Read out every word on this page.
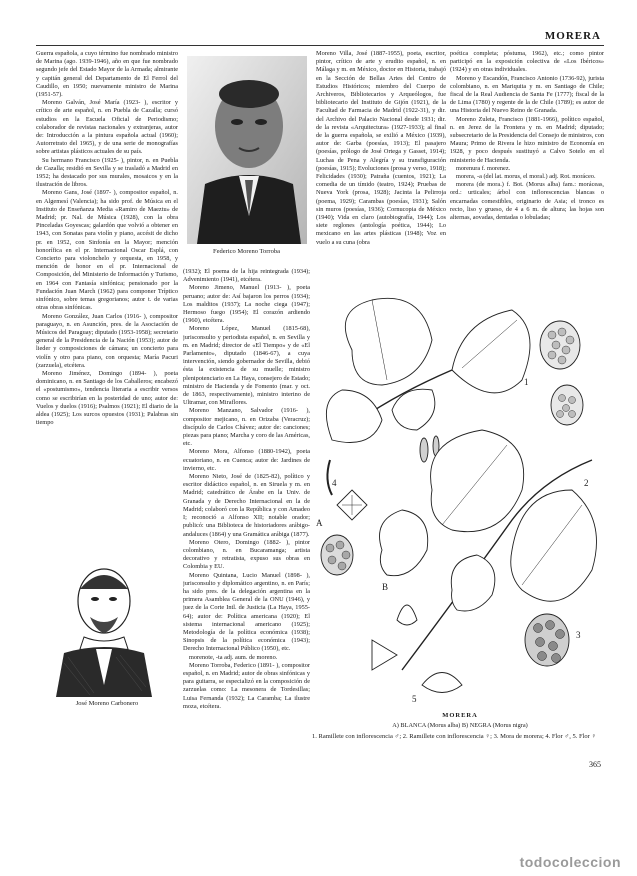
MORERA

Guerra española, a cuyo término fue nombrado ministro de Marina (ago. 1939-1946), año en que fue nombrado segundo jefe del Estado Mayor de la Armada; almirante y capitán general del Departamento de El Ferrol del Caudillo, en 1950; nuevamente ministro de Marina (1951-57).

Moreno Galván, José María (1923- ), escritor y crítico de arte español, n. en Puebla de Cazalla; cursó estudios en la Escuela Oficial de Periodismo; colaborador de revistas nacionales y extranjeras, autor de: Introducción a la pintura española actual (1960); Autorretrato del 1965), y de una serie de monografías sobre artistas plásticos actuales de su país.

Su hermano Francisco (1925- ), pintor, n. en Puebla de Cazalla; residió en Sevilla y se trasladó a Madrid en 1952; ha destacado por sus murales, mosaicos y en la ilustración de libros.

Moreno Gans, José (1897- ), compositor español, n. en Algemesí (Valencia); ha sido prof. de Música en el Instituto de Enseñanza Media «Ramiro de Maeztu» de Madrid; pr. Nal. de Música (1928), con la obra Pinceladas Goyescas; galardón que volvió a obtener en 1943, con Sonatas para violín y piano, accésit de dicho pr. en 1952, con Sinfonía en la Mayor; mención honorífica en el pr. Internacional Oscar Esplá, con Concierto para violonchelo y orquesta, en 1958, y mención de honor en el pr. Internacional de Composición, del Ministerio de Información y Turismo, en 1964 con Fantasía sinfónica; pensionado por la Fundación Juan March (1962) para componer Tríptico sinfónico, sobre temas gregorianos; autor t. de varias otras obras sinfónicas.

Moreno González, Juan Carlos (1916- ), compositor paraguayo, n. en Asunción, pres. de la Asociación de Músicos del Paraguay; diputado (1953-1958); secretario general de la Presidencia de la Nación (1953); autor de lieder y composiciones de cámara; un concierto para violín y otro para piano, con orquesta; María Pacuri (zarzuela), etcétera.

Moreno Jiménez, Domingo (1894- ), poeta dominicano, n. en Santiago de los Caballeros; encabezó el «postumismo», tendencia literaria a escribir versos como se escribirían en la posteridad de uno; autor de: Vuelos y duelos (1916); Psalmos (1921); El diario de la aldea (1925); Los surcos opuestos (1931); Palabras sin tiempo

Federico Moreno Torroba

(1932); El poema de la hija reintegrada (1934); Advenimiento (1941), etcétera.

Moreno Jimeno, Manuel (1913- ), poeta peruano; autor de: Así bajaron los perros (1934); Los malditos (1937); La noche ciega (1947); Hermoso fuego (1954); El corazón ardiendo (1960), etcétera.

Moreno López, Manuel (1815-68), jurisconsulto y periodista español, n. en Sevilla y m. en Madrid; director de «El Tiempo» y de «El Parlamento», diputado (1846-67), a cuya intervención, siendo gobernador de Sevilla, debió ésta la existencia de su muelle; ministro plenipotenciario en La Haya, consejero de Estado; ministro de Hacienda y de Fomento (mar. y oct. de 1863, respectivamente), ministro interino de Ultramar, con Miraflores.

Moreno Manzano, Salvador (1916- ), compositor mejicano, n. en Orizaba (Veracruz); discípulo de Carlos Chávez; autor de: canciones; piezas para piano; Marcha y coro de las Américas, etc.

Moreno Mora, Alfonso (1880-1942), poeta ecuatoriano, n. en Cuenca; autor de: Jardines de invierno, etc.

Moreno Nieto, José de (1825-82), político y escritor didáctico español, n. en Siruela y m. en Madrid; catedrático de Árabe en la Univ. de Granada y de Derecho Internacional en la de Madrid; colaboró con la República y con Amadeo I; reconoció a Alfonso XII; notable orador; publicó: una Biblioteca de historiadores arábigo-andaluces (1864) y una Gramática arábiga (1877).

Moreno Otero, Domingo (1882- ), pintor colombiano, n. en Bucaramanga; artista decorativo y retratista, expuso sus obras en Colombia y EU.

Moreno Quintana, Lucio Manuel (1898- ), jurisconsulto y diplomático argentino, n. en París; ha sido pres. de la delegación argentina en la primera Asamblea General de la ONU (1946), y juez de la Corte Intl. de Justicia (La Haya, 1955-64); autor de: Política americana (1920); El sistema internacional americano (1925); Metodología de la política económica (1938); Sinopsis de la política económica (1943); Derecho Internacional Público (1950), etc.

morenote, -ta adj. aum. de moreno.

Moreno Torroba, Federico (1891- ), compositor español, n. en Madrid; autor de obras sinfónicas y para guitarra, se especializó en la composición de zarzuelas como: La mesonera de Tordesillas; Luisa Fernanda (1932); La Caramba; La ilustre moza, etcétera.

José Moreno Carbonero

Moreno Villa, José (1887-1955), poeta, escritor, pintor, crítico de arte y erudito español, n. en Málaga y m. en México, doctor en Historia, trabajó en la Sección de Bellas Artes del Centro de Estudios Históricos; miembro del Cuerpo de Archiveros, Bibliotecarios y Arqueólogos, fue bibliotecario del Instituto de Gijón (1921), de la Facultad de Farmacia de Madrid (1922-31), y dir. del Archivo del Palacio Nacional desde 1931; dir. de la revista «Arquitectura» (1927-1933); al final de la guerra española, se exilió a México (1939), autor de: Garba (poesías, 1913); El pasajero (poesías, prólogo de José Ortega y Gasset, 1914); Luchas de Pena y Alegría y su transfiguración (poesías, 1915); Evoluciones (prosa y verso, 1918); Felicidades (1930); Patraña (cuentos, 1921); La comedia de un tímido (teatro, 1924); Pruebas de Nueva York (prosa, 1928); Jacinta la Pelirroja (poema, 1929); Carambas (poesías, 1931); Salón sin muros (poesías, 1936); Cornucopia de México (1940); Vida en claro (autobiografía, 1944); Los siete reglones (antología poética, 1944); Lo mexicano en las artes plásticas (1948); Voz en vuelo a su cuna (obra

poética completa; póstuma, 1962), etc.; como pintor participó en la exposición colectiva de «Los Ibéricos» (1924) y en otras individuales.

Moreno y Escandón, Francisco Antonio (1736-92), jurista colombiano, n. en Mariquita y m. en Santiago de Chile; fiscal de la Real Audiencia de Santa Fe (1777); fiscal de la de Lima (1780) y regente de la de Chile (1789); es autor de una Historia del Nuevo Reino de Granada.

Moreno Zuleta, Francisco (1881-1966), político español, n. en Jerez de la Frontera y m. en Madrid; diputado; subsecretario de la Presidencia del Consejo de ministros, con Maura; Primo de Rivera le hizo ministro de Economía en 1928, y poco después sustituyó a Calvo Sotelo en el ministerio de Hacienda.

morenura f. morenez.

morera, -a (del lat. morus, el moral.) adj. Rot. moráceo.

morera (de mora.) f. Bot. (Morus alba) fam.: moráceas, ord.: urticales; árbol con inflorescencias blancas o encarnadas comestibles, originario de Asia; el tronco es recto, liso y grueso, de 4 a 6 m. de altura; las hojas son alternas, aovadas, dentadas o lobuladas;

A
B
1
2
3
4
5
MORERA
A) BLANCA (Morus alba) B) NEGRA (Morus nigra)
1. Ramillete con inflorescencia ♂; 2. Ramillete con inflorescencia ♀; 3. Mora de morera; 4. Flor ♂, 5. Flor ♀
365
todocoleccion
